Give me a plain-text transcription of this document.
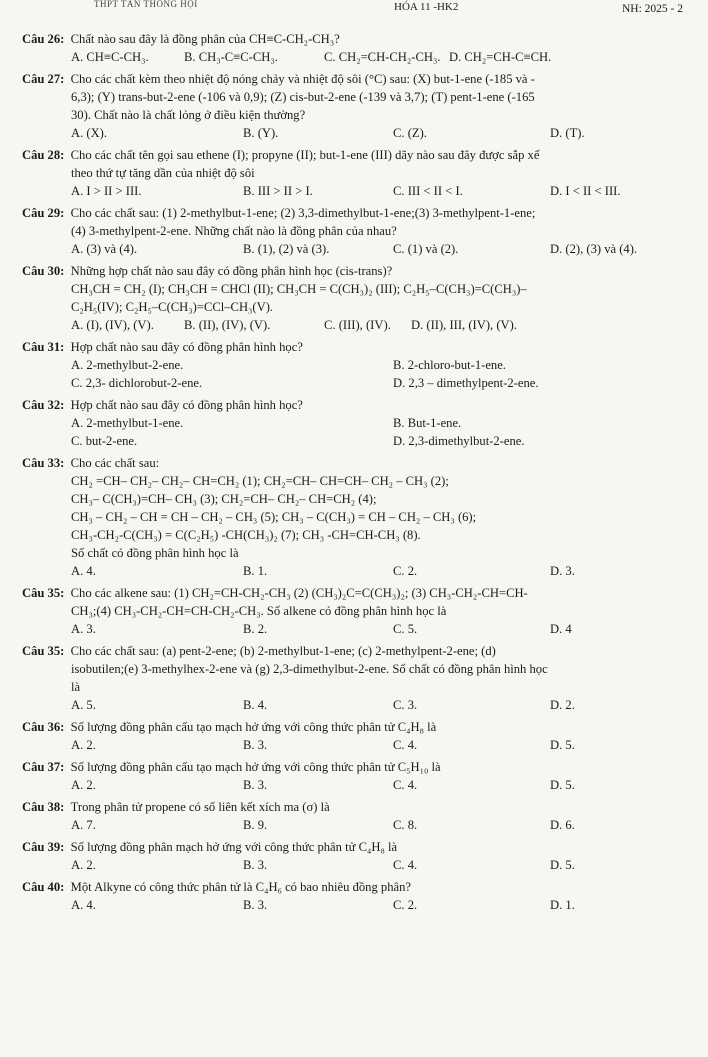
THPT TÂN THÔNG HỘI	HÓA 11 -HK2	NH: 2025 - 2
Câu 26: Chất nào sau đây là đồng phân của CH≡C-CH₂-CH₃?
A. CH≡C-CH₃.	B. CH₃-C≡C-CH₃.	C. CH₂=CH-CH₂-CH₃. D. CH₂=CH-C≡CH.
Câu 27: Cho các chất kèm theo nhiệt độ nóng chảy và nhiệt độ sôi (°C) sau: (X) but-1-ene (-185 và -
6,3); (Y) trans-but-2-ene (-106 và 0,9); (Z) cis-but-2-ene (-139 và 3,7); (T) pent-1-ene (-165
30). Chất nào là chất lỏng ở điều kiện thường?
A. (X).	B. (Y).	C. (Z).	D. (T).
Câu 28: Cho các chất tên gọi sau ethene (I); propyne (II); but-1-ene (III) dãy nào sau đây được sắp xế
theo thứ tự tăng dần của nhiệt độ sôi
A. I > II > III.	B. III > II > I.	C. III < II < I.	D. I < II < III.
Câu 29: Cho các chất sau: (1) 2-methylbut-1-ene; (2) 3,3-dimethylbut-1-ene;(3) 3-methylpent-1-ene;
(4) 3-methylpent-2-ene. Những chất nào là đồng phân của nhau?
A. (3) và (4).	B. (1), (2) và (3).	C. (1) và (2).	D. (2), (3) và (4).
Câu 30: Những hợp chất nào sau đây có đồng phân hình học (cis-trans)?
CH₃CH = CH₂ (I); CH₃CH = CHCl (II); CH₃CH = C(CH₃)₂ (III); C₂H₅–C(CH₃)=C(CH₃)–
C₂H₅(IV); C₂H₅–C(CH₃)=CCl–CH₃(V).
A. (I), (IV), (V). B. (II), (IV), (V).	C. (III), (IV). D. (II), III, (IV), (V).
Câu 31: Hợp chất nào sau đây có đồng phân hình học?
A. 2-methylbut-2-ene.	B. 2-chloro-but-1-ene.
C. 2,3- dichlorobut-2-ene.	D. 2,3 – dimethylpent-2-ene.
Câu 32: Hợp chất nào sau đây có đồng phân hình học?
A. 2-methylbut-1-ene.	B. But-1-ene.
C. but-2-ene.	D. 2,3-dimethylbut-2-ene.
Câu 33: Cho các chất sau:
CH₂ =CH– CH₂– CH₂– CH=CH₂ (1); CH₂=CH– CH=CH– CH₂ – CH₃ (2);
CH₃– C(CH₃)=CH– CH₃ (3); CH₂=CH– CH₂– CH=CH₂ (4);
CH₃ – CH₂ – CH = CH – CH₂ – CH₃ (5); CH₃ – C(CH₃) = CH – CH₂ – CH₃ (6);
CH₃-CH₂-C(CH₃) = C(C₂H₅) -CH(CH₃)₂ (7); CH₃ -CH=CH-CH₃ (8).
Số chất có đồng phân hình học là
A. 4.	B. 1.	C. 2.	D. 3.
Câu 35: Cho các alkene sau: (1) CH₂=CH-CH₂-CH₃ (2) (CH₃)₂C=C(CH₃)₂; (3) CH₃-CH₂-CH=CH-
CH₃;(4) CH₃-CH₂-CH=CH-CH₂-CH₃. Số alkene có đồng phân hình học là
A. 3.	B. 2.	C. 5.	D. 4
Câu 35: Cho các chất sau: (a) pent-2-ene; (b) 2-methylbut-1-ene; (c) 2-methylpent-2-ene; (d)
isobutilen;(e) 3-methylhex-2-ene và (g) 2,3-dimethylbut-2-ene. Số chất có đồng phân hình học
là
A. 5.	B. 4.	C. 3.	D. 2.
Câu 36: Số lượng đồng phân cấu tạo mạch hở ứng với công thức phân tử C₄H₈ là
A. 2.	B. 3.	C. 4.	D. 5.
Câu 37: Số lượng đồng phân cấu tạo mạch hở ứng với công thức phân tử C₅H₁₀ là
A. 2.	B. 3.	C. 4.	D. 5.
Câu 38: Trong phân tử propene có số liên kết xích ma (σ) là
A. 7.	B. 9.	C. 8.	D. 6.
Câu 39: Số lượng đồng phân mạch hở ứng với công thức phân tử C₄H₈ là
A. 2.	B. 3.	C. 4.	D. 5.
Câu 40: Một Alkyne có công thức phân tử là C₄H₆ có bao nhiêu đồng phân?
A. 4.	B. 3.	C. 2.	D. 1.
